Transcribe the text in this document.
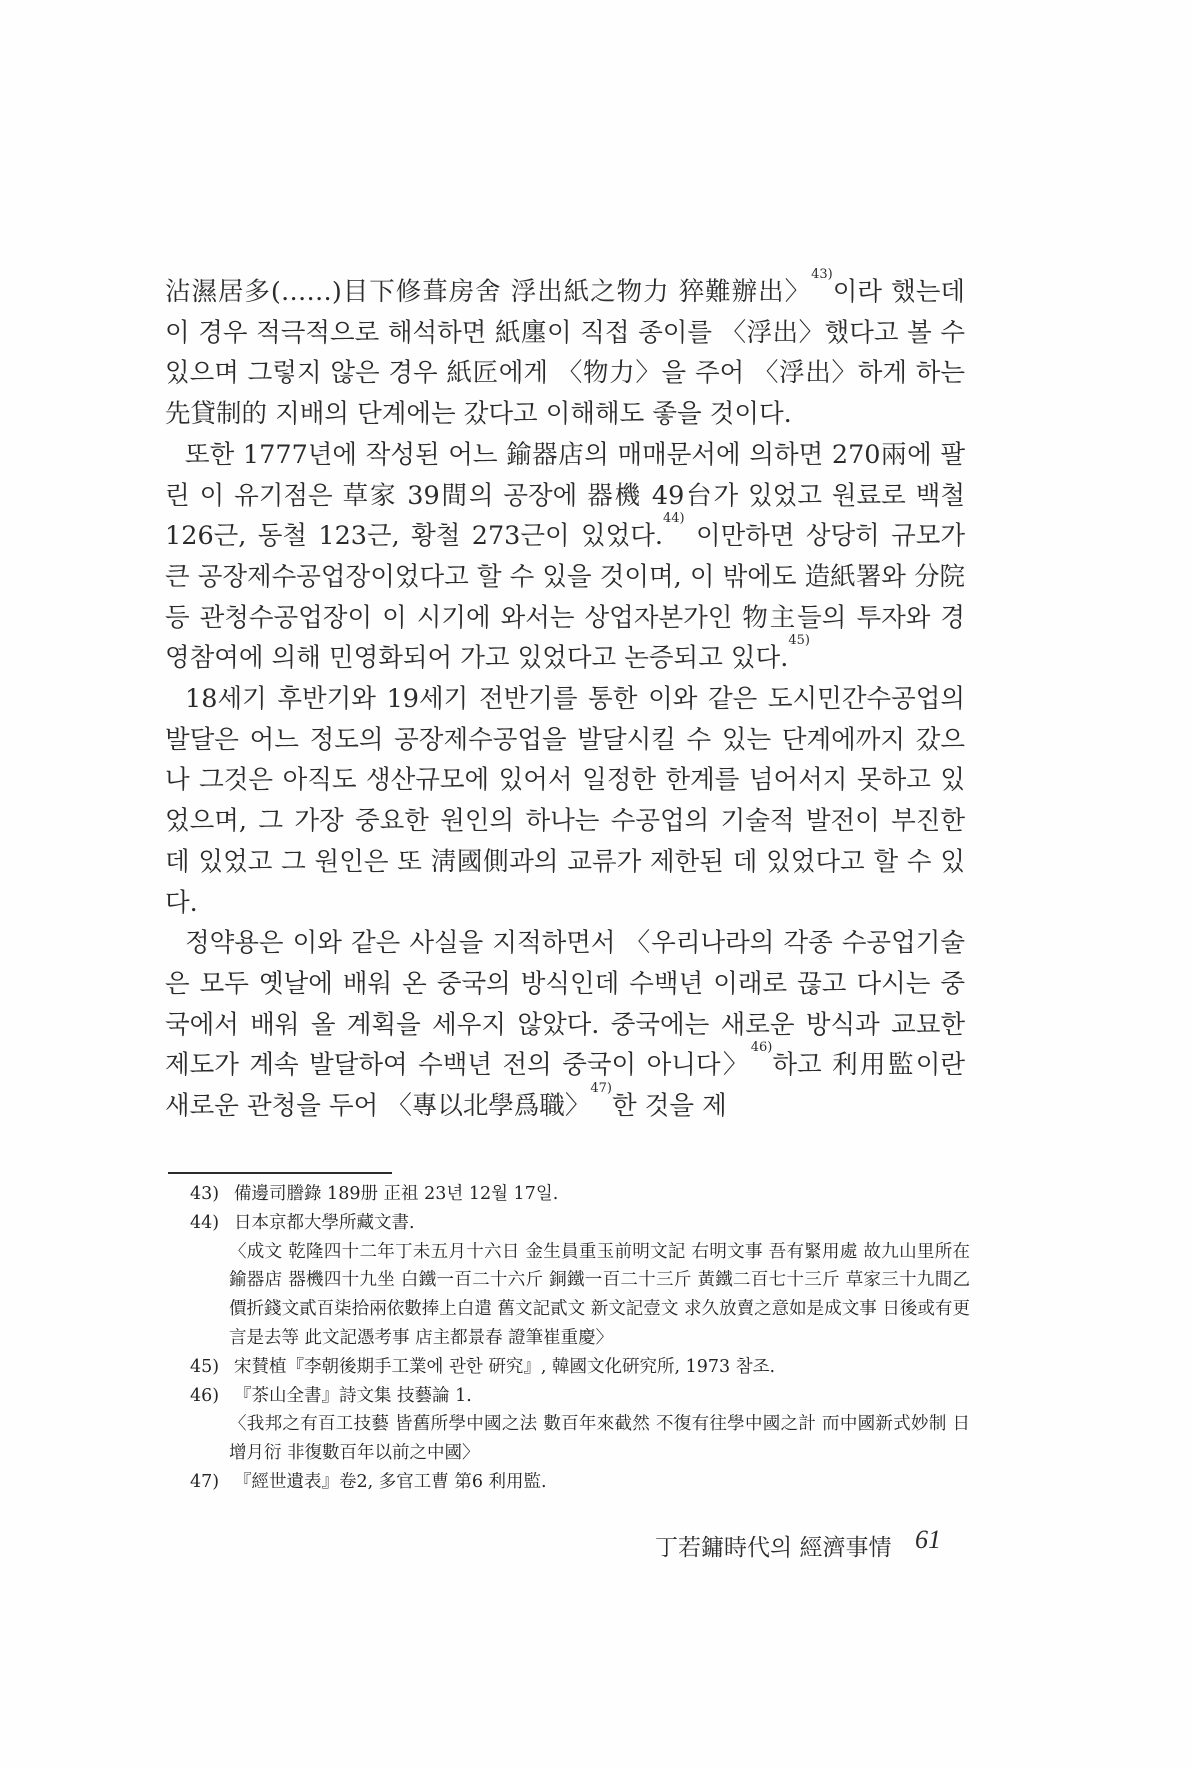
沾濕居多(……)目下修葺房舍 浮出紙之物力 猝難辦出〉$^{43)}$이라 했는데 이 경우 적극적으로 해석하면 紙廛이 직접 종이를 〈浮出〉했다고 볼 수 있으며 그렇지 않은 경우 紙匠에게 〈物力〉을 주어 〈浮出〉하게 하는 先貸制的 지배의 단계에는 갔다고 이해해도 좋을 것이다.

또한 1777년에 작성된 어느 鍮器店의 매매문서에 의하면 270兩에 팔린 이 유기점은 草家 39間의 공장에 器機 49台가 있었고 원료로 백철 126근, 동철 123근, 황철 273근이 있었다.$^{44)}$ 이만하면 상당히 규모가 큰 공장제수공업장이었다고 할 수 있을 것이며, 이 밖에도 造紙署와 分院등 관청수공업장이 이 시기에 와서는 상업자본가인 物主들의 투자와 경영참여에 의해 민영화되어 가고 있었다고 논증되고 있다.$^{45)}$

18세기 후반기와 19세기 전반기를 통한 이와 같은 도시민간수공업의 발달은 어느 정도의 공장제수공업을 발달시킬 수 있는 단계에까지 갔으나 그것은 아직도 생산규모에 있어서 일정한 한계를 넘어서지 못하고 있었으며, 그 가장 중요한 원인의 하나는 수공업의 기술적 발전이 부진한 데 있었고 그 원인은 또 淸國側과의 교류가 제한된 데 있었다고 할 수 있다.

정약용은 이와 같은 사실을 지적하면서 〈우리나라의 각종 수공업기술은 모두 옛날에 배워 온 중국의 방식인데 수백년 이래로 끊고 다시는 중국에서 배워 올 계획을 세우지 않았다. 중국에는 새로운 방식과 교묘한 제도가 계속 발달하여 수백년 전의 중국이 아니다〉$^{46)}$하고 利用監이란 새로운 관청을 두어 〈專以北學爲職〉$^{47)}$한 것을 제

43) 備邊司謄錄 189册 正祖 23년 12월 17일.

44) 日本京都大學所藏文書.

〈成文 乾隆四十二年丁未五月十六日 金生員重玉前明文記 右明文事 吾有緊用處 故九山里所在鍮器店 器機四十九坐 白鐵一百二十六斤 銅鐵一百二十三斤 黃鐵二百七十三斤 草家三十九間乙 價折錢文貳百柒拾兩依數捧上白遣 舊文記貳文 新文記壹文 求久放賣之意如是成文事 日後或有更言是去等 此文記憑考事 店主都景春 證筆崔重慶〉

45) 宋賛植『李朝後期手工業에 관한 硏究』, 韓國文化硏究所, 1973 참조.

46) 『茶山全書』詩文集 技藝論 1.

〈我邦之有百工技藝 皆舊所學中國之法 數百年來截然 不復有往學中國之計 而中國新式妙制 日增月衍 非復數百年以前之中國〉

47) 『經世遺表』卷2, 多官工曹 第6 利用監.

丁若鏞時代의 經濟事情 61
